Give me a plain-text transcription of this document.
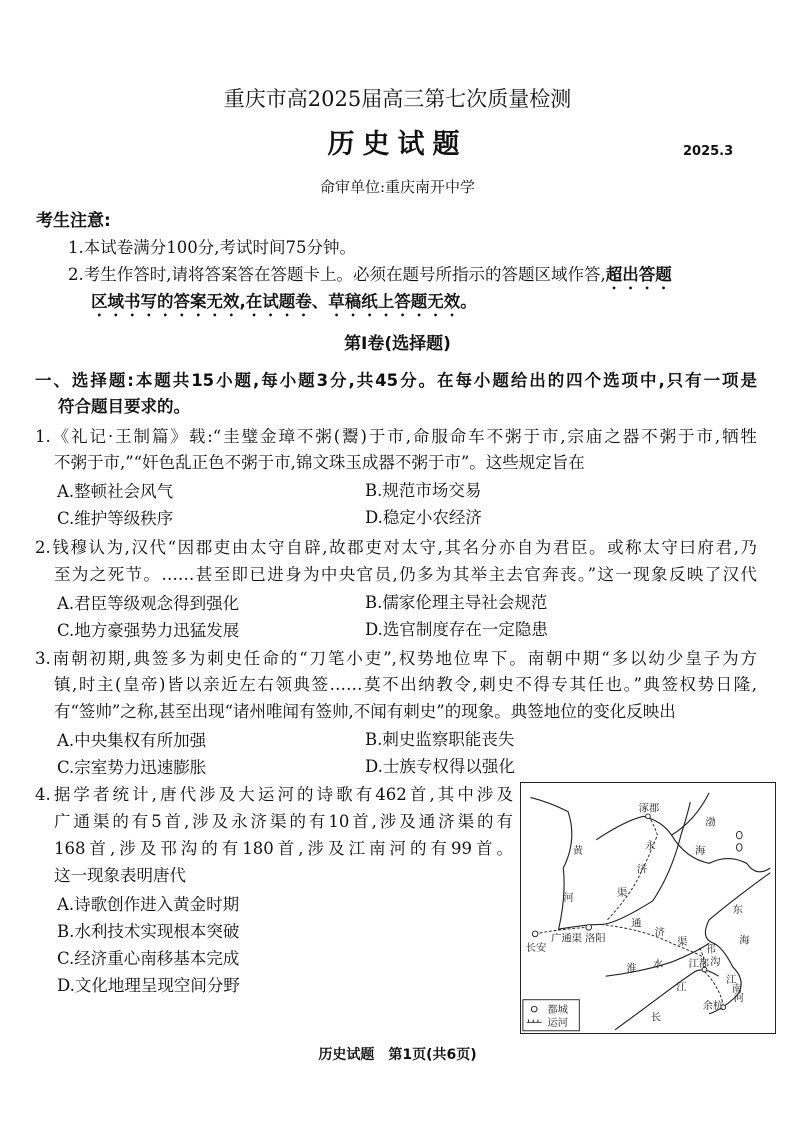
重庆市高2025届高三第七次质量检测
历史试题	2025.3
命审单位:重庆南开中学
考生注意:
1.本试卷满分100分,考试时间75分钟。
2.考生作答时,请将答案答在答题卡上。必须在题号所指示的答题区域作答,超出答题
区域书写的答案无效,在试题卷、草稿纸上答题无效。
第Ⅰ卷(选择题)
一、选择题:本题共15小题,每小题3分,共45分。在每小题给出的四个选项中,只有一项是
符合题目要求的。
1.《礼记·王制篇》载:“圭璧金璋不粥(鬻)于市,命服命车不粥于市,宗庙之器不粥于市,牺牲
不粥于市,”“奸色乱正色不粥于市,锦文珠玉成器不粥于市”。这些规定旨在
A.整顿社会风气	B.规范市场交易
C.维护等级秩序	D.稳定小农经济
2.钱穆认为,汉代“因郡吏由太守自辟,故郡吏对太守,其名分亦自为君臣。或称太守曰府君,乃
至为之死节。……甚至即已进身为中央官员,仍多为其举主去官奔丧。”这一现象反映了汉代
A.君臣等级观念得到强化	B.儒家伦理主导社会规范
C.地方豪强势力迅猛发展	D.选官制度存在一定隐患
3.南朝初期,典签多为刺史任命的“刀笔小吏”,权势地位卑下。南朝中期“多以幼少皇子为方
镇,时主(皇帝)皆以亲近左右领典签……莫不出纳教令,刺史不得专其任也。”典签权势日隆,
有“签帅”之称,甚至出现“诸州唯闻有签帅,不闻有刺史”的现象。典签地位的变化反映出
A.中央集权有所加强	B.刺史监察职能丧失
C.宗室势力迅速膨胀	D.士族专权得以强化
4.据学者统计,唐代涉及大运河的诗歌有462首,其中涉及
广通渠的有5首,涉及永济渠的有10首,涉及通济渠的有
168首,涉及邗沟的有180首,涉及江南河的有99首。
这一现象表明唐代
A.诗歌创作进入黄金时期
B.水利技术实现根本突破
C.经济重心南移基本完成
D.文化地理呈现空间分野
涿郡
黄
河
永
济
渠
渤
海
东
海
长安
广通渠 洛阳
通
济
渠
淮 水 江都
邗
沟
江
南
河
江
长
余杭
都城
运河
历史试题　第1页(共6页)
